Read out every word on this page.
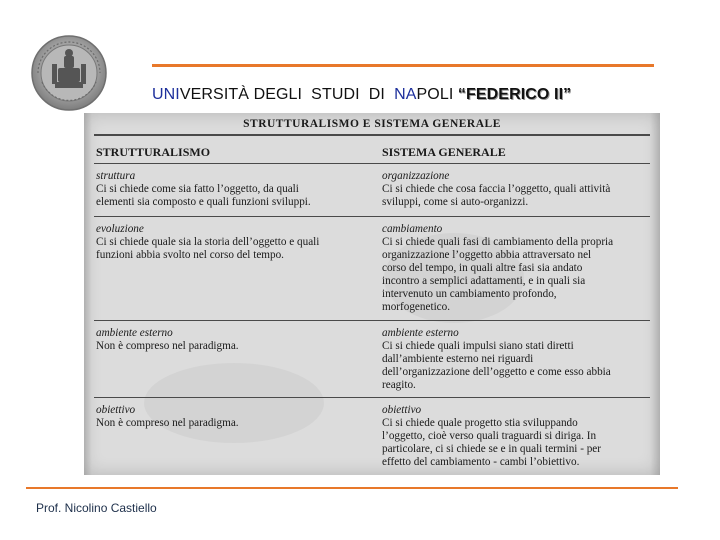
UNIVERSITÀ DEGLI  STUDI  DI  NAPOLI “FEDERICO II”
STRUTTURALISMO E SISTEMA GENERALE
STRUTTURALISMO	SISTEMA GENERALE
struttura
Ci si chiede come sia fatto l’oggetto, da quali
elementi sia composto e quali funzioni sviluppi.
organizzazione
Ci si chiede che cosa faccia l’oggetto, quali attività
sviluppi, come si auto-organizzi.
evoluzione
Ci si chiede quale sia la storia dell’oggetto e quali
funzioni abbia svolto nel corso del tempo.
cambiamento
Ci si chiede quali fasi di cambiamento della propria
organizzazione l’oggetto abbia attraversato nel
corso del tempo, in quali altre fasi sia andato
incontro a semplici adattamenti, e in quali sia
intervenuto un cambiamento profondo,
morfogenetico.
ambiente esterno
Non è compreso nel paradigma.
ambiente esterno
Ci si chiede quali impulsi siano stati diretti
dall’ambiente esterno nei riguardi
dell’organizzazione dell’oggetto e come esso abbia
reagito.
obiettivo
Non è compreso nel paradigma.
obiettivo
Ci si chiede quale progetto stia sviluppando
l’oggetto, cioè verso quali traguardi si diriga. In
particolare, ci si chiede se e in quali termini - per
effetto del cambiamento - cambi l’obiettivo.
Prof. Nicolino Castiello
